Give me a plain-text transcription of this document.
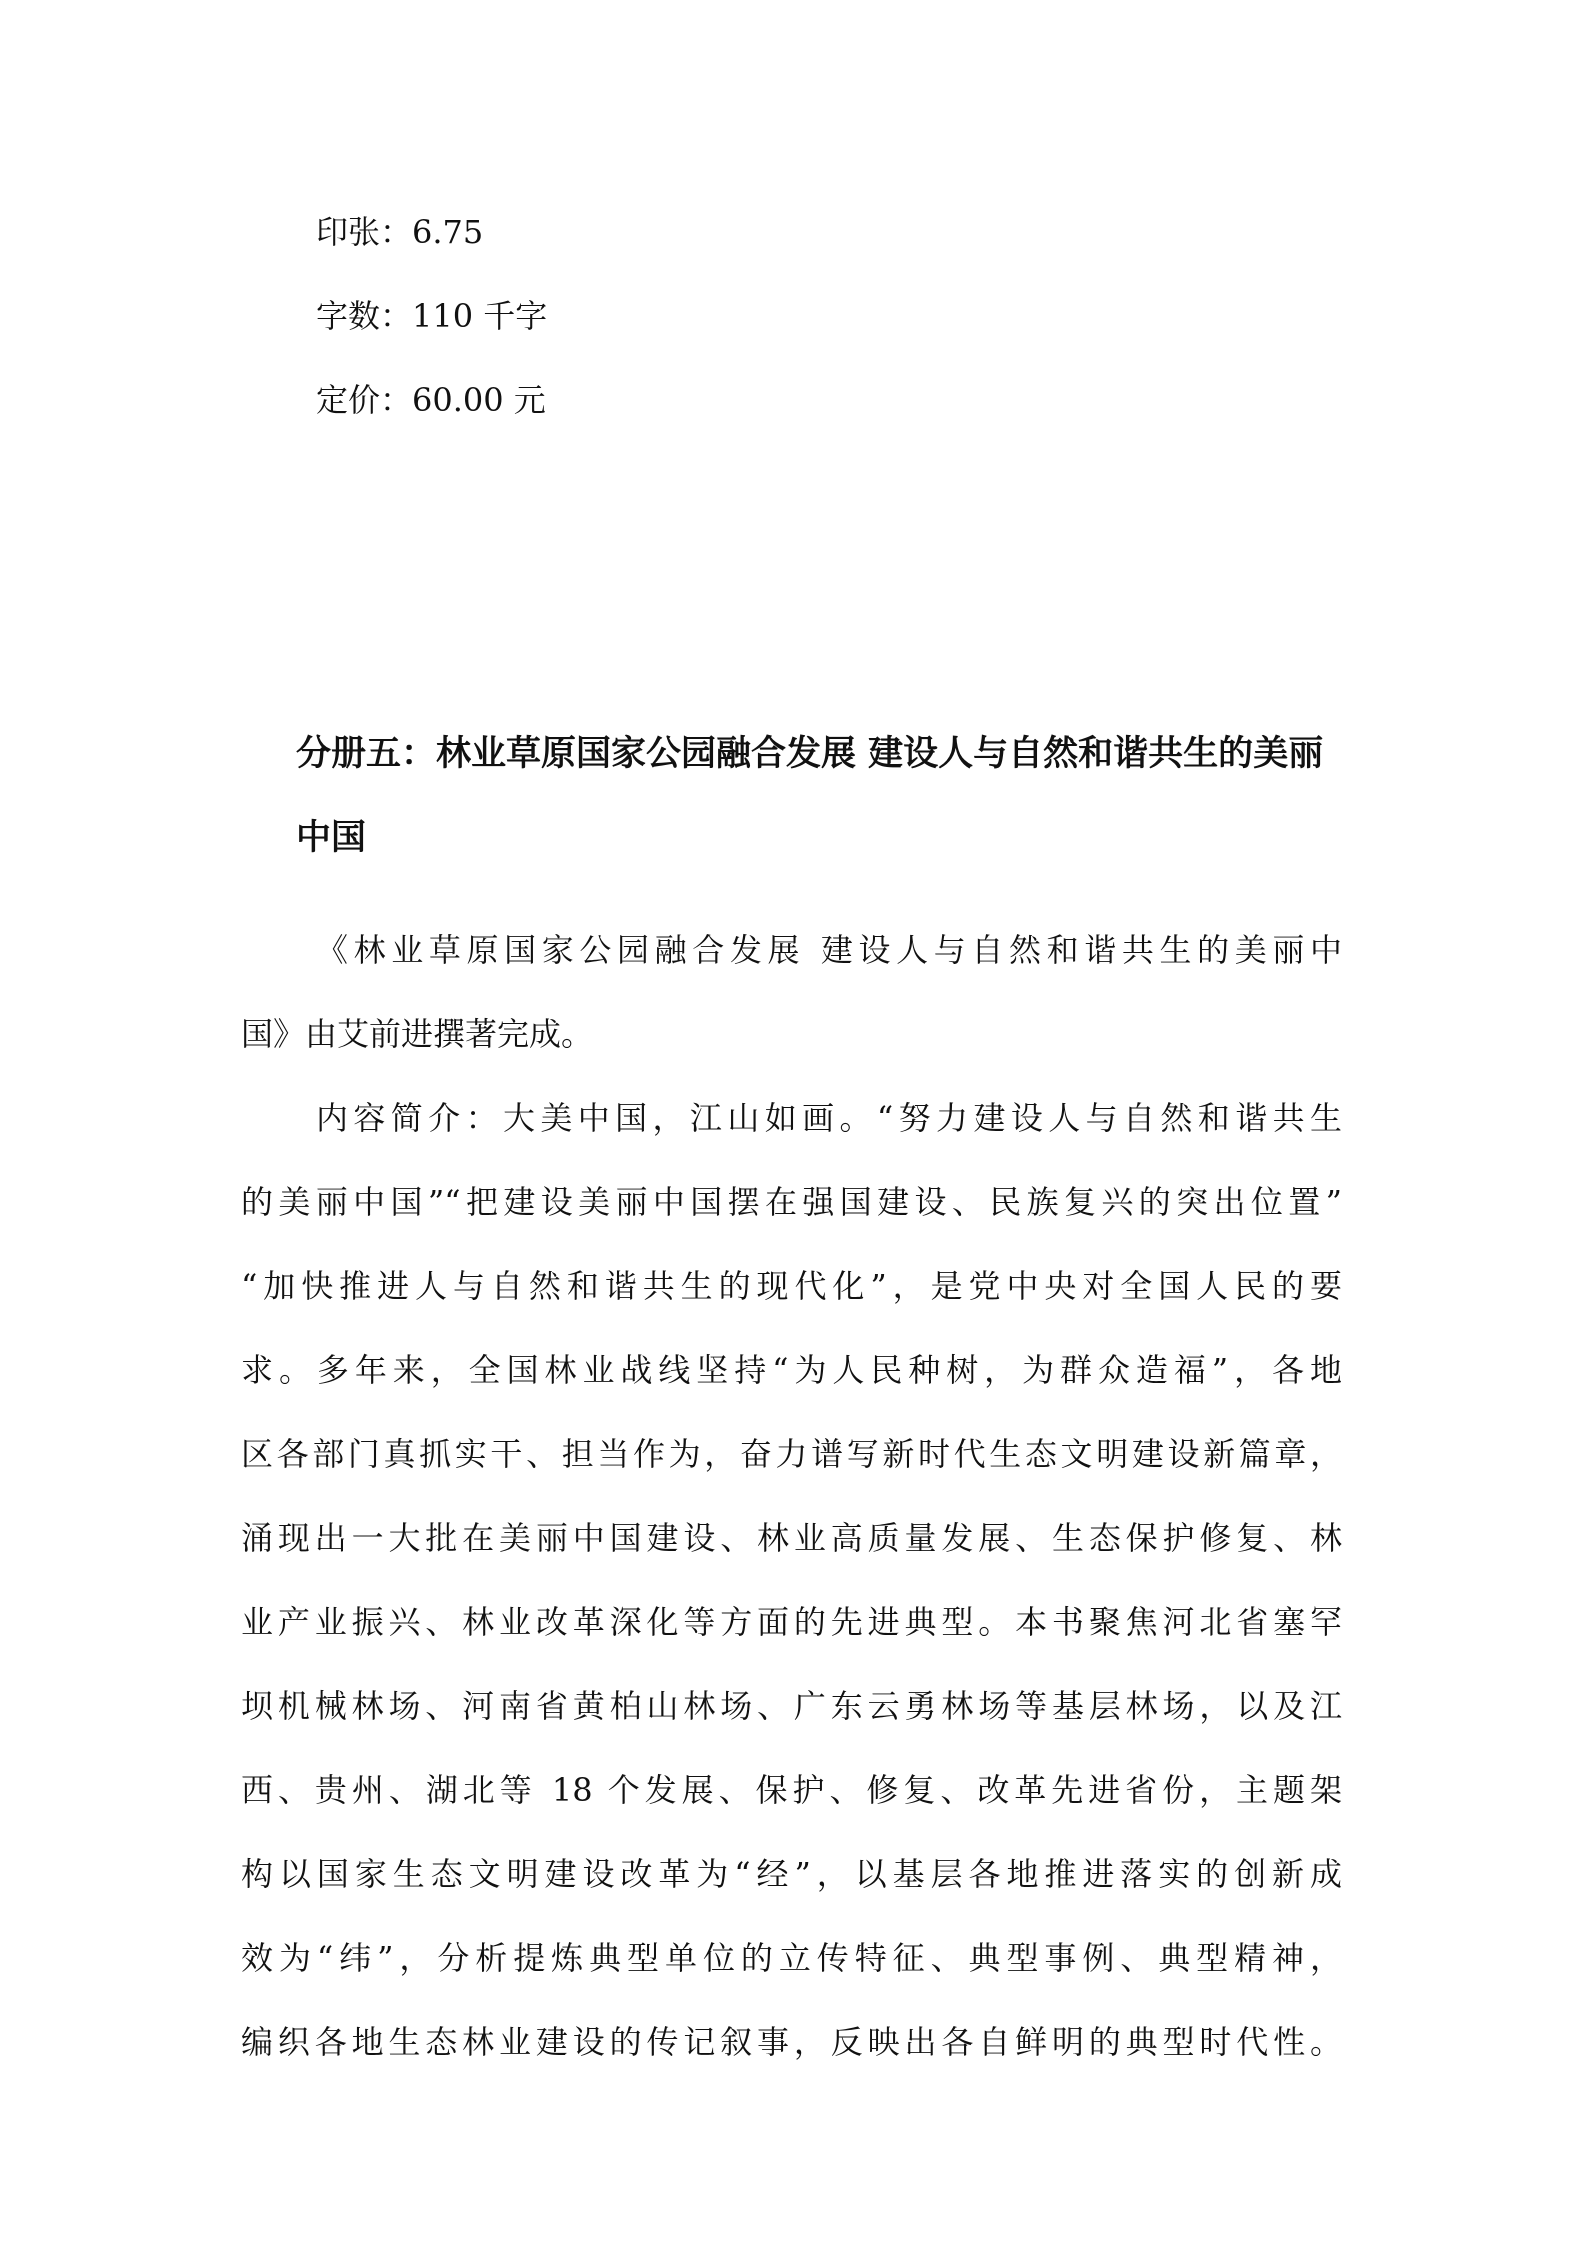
印张：6.75
字数：110 千字
定价：60.00 元
分册五：林业草原国家公园融合发展 建设人与自然和谐共生的美丽
中国
《林业草原国家公园融合发展 建设人与自然和谐共生的美丽中
国》由艾前进撰著完成。
内容简介：大美中国，江山如画。“努力建设人与自然和谐共生
的美丽中国”“把建设美丽中国摆在强国建设、民族复兴的突出位置”
“加快推进人与自然和谐共生的现代化”，是党中央对全国人民的要
求。多年来，全国林业战线坚持“为人民种树，为群众造福”，各地
区各部门真抓实干、担当作为，奋力谱写新时代生态文明建设新篇章，
涌现出一大批在美丽中国建设、林业高质量发展、生态保护修复、林
业产业振兴、林业改革深化等方面的先进典型。本书聚焦河北省塞罕
坝机械林场、河南省黄柏山林场、广东云勇林场等基层林场，以及江
西、贵州、湖北等 18 个发展、保护、修复、改革先进省份，主题架
构以国家生态文明建设改革为“经”，以基层各地推进落实的创新成
效为“纬”，分析提炼典型单位的立传特征、典型事例、典型精神，
编织各地生态林业建设的传记叙事，反映出各自鲜明的典型时代性。
